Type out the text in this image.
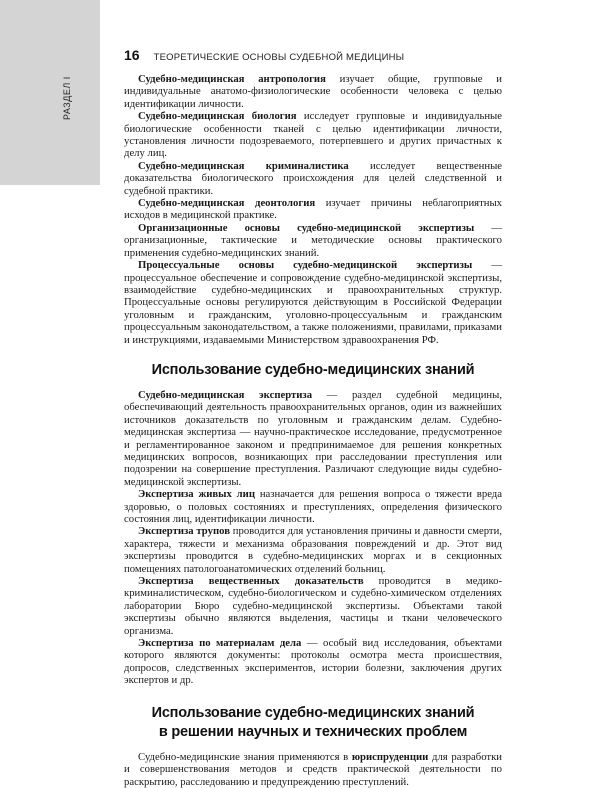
РАЗДЕЛ I
16 ТЕОРЕТИЧЕСКИЕ ОСНОВЫ СУДЕБНОЙ МЕДИЦИНЫ

Судебно-медицинская антропология изучает общие, групповые и индивидуальные анатомо-физиологические особенности человека с целью идентификации личности.

Судебно-медицинская биология исследует групповые и индивидуальные биологические особенности тканей с целью идентификации личности, установления личности подозреваемого, потерпевшего и других причастных к делу лиц.

Судебно-медицинская криминалистика исследует вещественные доказательства биологического происхождения для целей следственной и судебной практики.

Судебно-медицинская деонтология изучает причины неблагоприятных исходов в медицинской практике.

Организационные основы судебно-медицинской экспертизы — организационные, тактические и методические основы практического применения судебно-медицинских знаний.

Процессуальные основы судебно-медицинской экспертизы — процессуальное обеспечение и сопровождение судебно-медицинской экспертизы, взаимодействие судебно-медицинских и правоохранительных структур. Процессуальные основы регулируются действующим в Российской Федерации уголовным и гражданским, уголовно-процессуальным и гражданским процессуальным законодательством, а также положениями, правилами, приказами и инструкциями, издаваемыми Министерством здравоохранения РФ.

Использование судебно-медицинских знаний

Судебно-медицинская экспертиза — раздел судебной медицины, обеспечивающий деятельность правоохранительных органов, один из важнейших источников доказательств по уголовным и гражданским делам. Судебно-медицинская экспертиза — научно-практическое исследование, предусмотренное и регламентированное законом и предпринимаемое для решения конкретных медицинских вопросов, возникающих при расследовании преступления или подозрении на совершение преступления. Различают следующие виды судебно-медицинской экспертизы.

Экспертиза живых лиц назначается для решения вопроса о тяжести вреда здоровью, о половых состояниях и преступлениях, определения физического состояния лиц, идентификации личности.

Экспертиза трупов проводится для установления причины и давности смерти, характера, тяжести и механизма образования повреждений и др. Этот вид экспертизы проводится в судебно-медицинских моргах и в секционных помещениях патологоанатомических отделений больниц.

Экспертиза вещественных доказательств проводится в медико-криминалистическом, судебно-биологическом и судебно-химическом отделениях лаборатории Бюро судебно-медицинской экспертизы. Объектами такой экспертизы обычно являются выделения, частицы и ткани человеческого организма.

Экспертиза по материалам дела — особый вид исследования, объектами которого являются документы: протоколы осмотра места происшествия, допросов, следственных экспериментов, истории болезни, заключения других экспертов и др.

Использование судебно-медицинских знаний
в решении научных и технических проблем

Судебно-медицинские знания применяются в юриспруденции для разработки и совершенствования методов и средств практической деятельности по раскрытию, расследованию и предупреждению преступлений.
